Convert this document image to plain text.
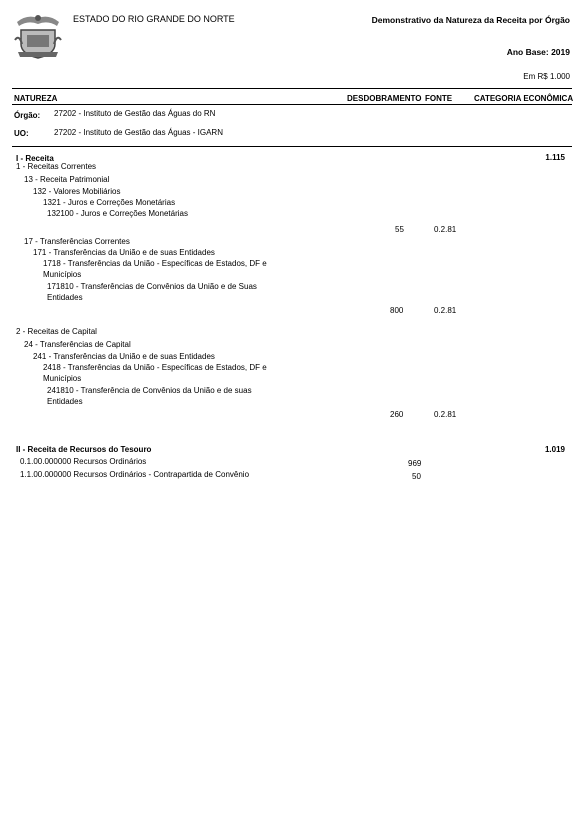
ESTADO DO RIO GRANDE DO NORTE	Demonstrativo da Natureza da Receita por Órgão
Ano Base: 2019
Em R$ 1.000
NATUREZA	DESDOBRAMENTO FONTE	CATEGORIA ECONÔMICA
Órgão: 27202 - Instituto de Gestão das Águas do RN
UO:	27202 - Instituto de Gestão das Águas - IGARN
I - Receita	1.115
1 - Receitas Correntes
13 - Receita Patrimonial
132 - Valores Mobiliários
1321 - Juros e Correções Monetárias
132100 - Juros e Correções Monetárias
55	0.2.81
17 - Transferências Correntes
171 - Transferências da União e de suas Entidades
1718 - Transferências da União - Específicas de Estados, DF e Municípios
171810 - Transferências de Convênios da União e de Suas Entidades
800	0.2.81
2 - Receitas de Capital
24 - Transferências de Capital
241 - Transferências da União e de suas Entidades
2418 - Transferências da União - Específicas de Estados, DF e Municípios
241810 - Transferência de Convênios da União e de suas Entidades
260	0.2.81
II - Receita de Recursos do Tesouro	1.019
0.1.00.000000 Recursos Ordinários	969
1.1.00.000000 Recursos Ordinários - Contrapartida de Convênio	50
